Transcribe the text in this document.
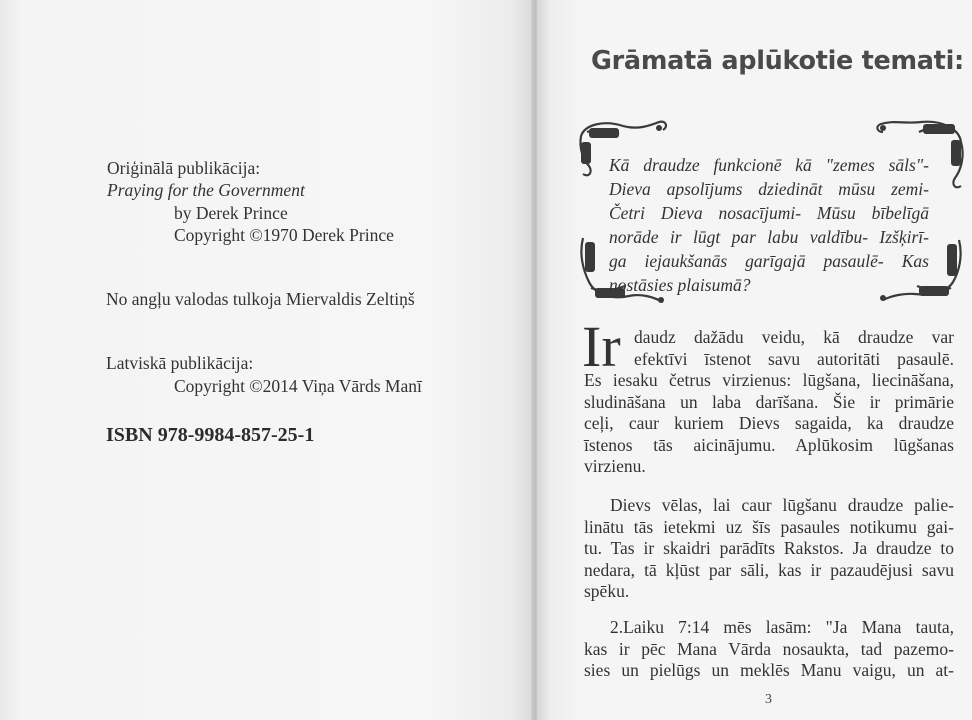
Oriģinālā publikācija:
Praying for the Government
by Derek Prince
Copyright ©1970 Derek Prince
No angļu valodas tulkoja Miervaldis Zeltiņš
Latviskā publikācija:
Copyright ©2014 Viņa Vārds Manī
ISBN 978-9984-857-25-1
Grāmatā aplūkotie temati:
Kā draudze funkcionē kā "zemes sāls"-
Dieva apsolījums dziedināt mūsu zemi-
Četri Dieva nosacījumi- Mūsu bībelīgā
norāde ir lūgt par labu valdību- Izšķirī-
ga iejaukšanās garīgajā pasaulē- Kas
nostāsies plaisumā?
Ir daudz dažādu veidu, kā draudze var
efektīvi īstenot savu autoritāti pasaulē.
Es iesaku četrus virzienus: lūgšana, liecināšana,
sludināšana un laba darīšana. Šie ir primārie
ceļi, caur kuriem Dievs sagaida, ka draudze
īstenos tās aicinājumu. Aplūkosim lūgšanas
virzienu.
Dievs vēlas, lai caur lūgšanu draudze palie-
linātu tās ietekmi uz šīs pasaules notikumu gai-
tu. Tas ir skaidri parādīts Rakstos. Ja draudze to
nedara, tā kļūst par sāli, kas ir pazaudējusi savu
spēku.
2.Laiku 7:14 mēs lasām: "Ja Mana tauta,
kas ir pēc Mana Vārda nosaukta, tad pazemo-
sies un pielūgs un meklēs Manu vaigu, un at-
3
